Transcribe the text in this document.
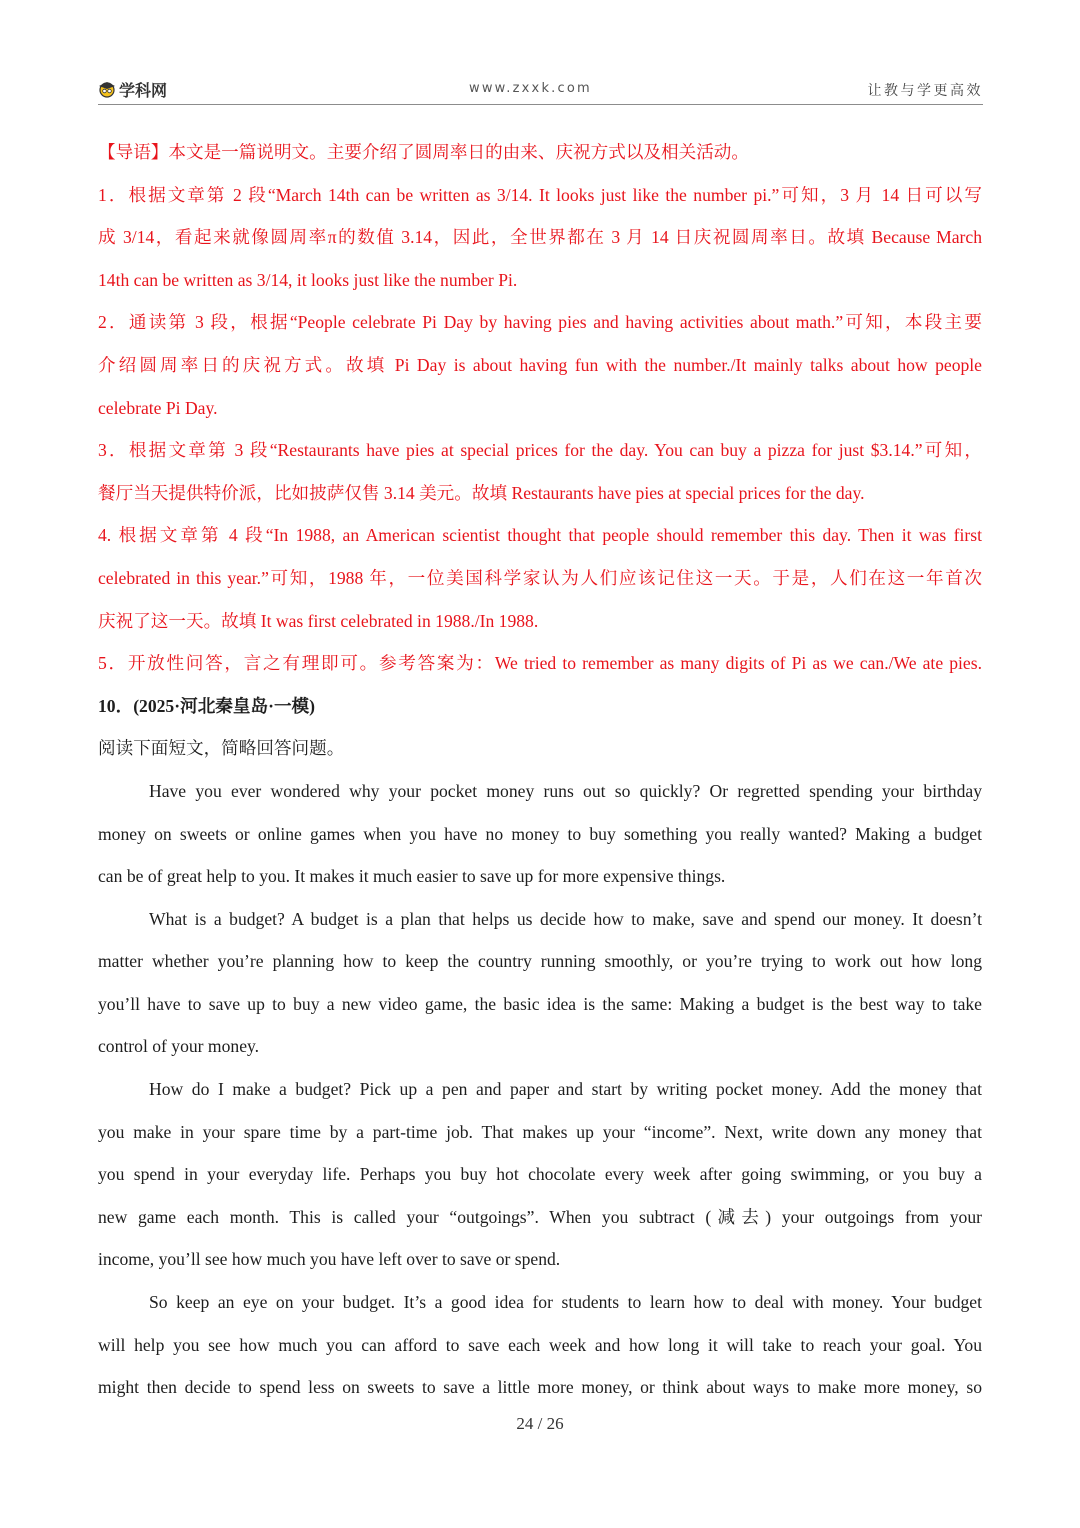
学科网	www.zxxk.com	让教与学更高效
【导语】本文是一篇说明文。主要介绍了圆周率日的由来、庆祝方式以及相关活动。
1．根据文章第 2 段“March 14th can be written as 3/14. It looks just like the number pi.”可知，3 月 14 日可以写
成 3/14，看起来就像圆周率π的数值 3.14，因此，全世界都在 3 月 14 日庆祝圆周率日。故填 Because March
14th can be written as 3/14, it looks just like the number Pi.
2．通读第 3 段，根据“People celebrate Pi Day by having pies and having activities about math.”可知，本段主要
介绍圆周率日的庆祝方式。故填 Pi Day is about having fun with the number./It mainly talks about how people
celebrate Pi Day.
3．根据文章第 3 段“Restaurants have pies at special prices for the day. You can buy a pizza for just $3.14.”可知，
餐厅当天提供特价派，比如披萨仅售 3.14 美元。故填 Restaurants have pies at special prices for the day.
4. 根据文章第 4 段“In 1988, an American scientist thought that people should remember this day. Then it was first
celebrated in this year.”可知，1988 年，一位美国科学家认为人们应该记住这一天。于是，人们在这一年首次
庆祝了这一天。故填 It was first celebrated in 1988./In 1988.
5．开放性问答，言之有理即可。参考答案为：We tried to remember as many digits of Pi as we can./We ate pies.
10．(2025·河北秦皇岛·一模)
阅读下面短文，简略回答问题。
Have you ever wondered why your pocket money runs out so quickly? Or regretted spending your birthday
money on sweets or online games when you have no money to buy something you really wanted? Making a budget
can be of great help to you. It makes it much easier to save up for more expensive things.
What is a budget? A budget is a plan that helps us decide how to make, save and spend our money. It doesn’t
matter whether you’re planning how to keep the country running smoothly, or you’re trying to work out how long
you’ll have to save up to buy a new video game, the basic idea is the same: Making a budget is the best way to take
control of your money.
How do I make a budget? Pick up a pen and paper and start by writing pocket money. Add the money that
you make in your spare time by a part-time job. That makes up your “income”. Next, write down any money that
you spend in your everyday life. Perhaps you buy hot chocolate every week after going swimming, or you buy a
new game each month. This is called your “outgoings”. When you subtract (减去) your outgoings from your
income, you’ll see how much you have left over to save or spend.
So keep an eye on your budget. It’s a good idea for students to learn how to deal with money. Your budget
will help you see how much you can afford to save each week and how long it will take to reach your goal. You
might then decide to spend less on sweets to save a little more money, or think about ways to make more money, so
24 / 26
